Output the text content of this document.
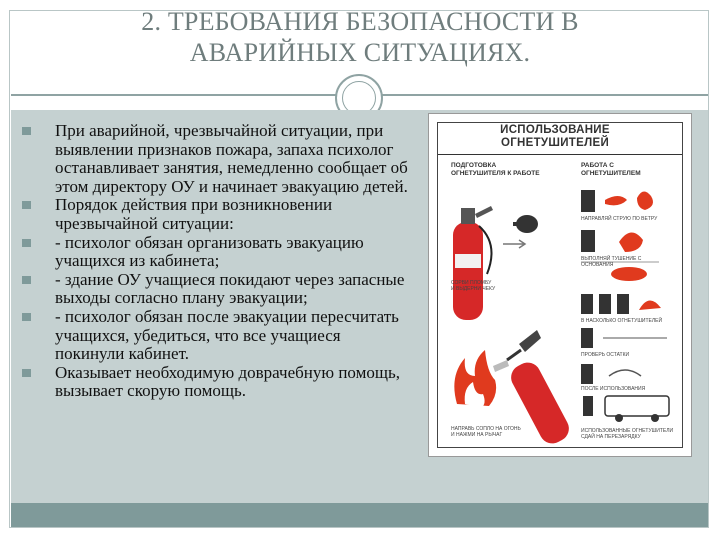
2. ТРЕБОВАНИЯ БЕЗОПАСНОСТИ В
АВАРИЙНЫХ СИТУАЦИЯХ.
При аварийной, чрезвычайной ситуации, при выявлении признаков пожара, запаха психолог останавливает занятия, немедленно сообщает об этом директору ОУ и начинает эвакуацию детей.
Порядок действия при возникновении чрезвычайной ситуации:
- психолог обязан организовать эвакуацию учащихся из кабинета;
- здание ОУ учащиеся покидают через запасные выходы согласно плану эвакуации;
- психолог обязан после эвакуации пересчитать учащихся, убедиться, что все учащиеся покинули кабинет.
Оказывает необходимую доврачебную помощь, вызывает скорую помощь.
ИСПОЛЬЗОВАНИЕ
ОГНЕТУШИТЕЛЕЙ
ПОДГОТОВКА
ОГНЕТУШИТЕЛЯ К РАБОТЕ
РАБОТА С
ОГНЕТУШИТЕЛЕМ
СОРВИ ПЛОМБУ
И ВЫДЕРНИ ЧЕКУ
НАПРАВЬ СОПЛО НА ОГОНЬ
И НАЖМИ НА РЫЧАГ
НАПРАВЛЯЙ СТРУЮ ПО ВЕТРУ
ВЫПОЛНЯЙ ТУШЕНИЕ С ОСНОВАНИЯ
В НАСКОЛЬКО ОГНЕТУШИТЕЛЕЙ
ПРОВЕРЬ ОСТАТКИ
ПОСЛЕ ИСПОЛЬЗОВАНИЯ
ИСПОЛЬЗОВАННЫЕ ОГНЕТУШИТЕЛИ СДАЙ НА ПЕРЕЗАРЯДКУ
